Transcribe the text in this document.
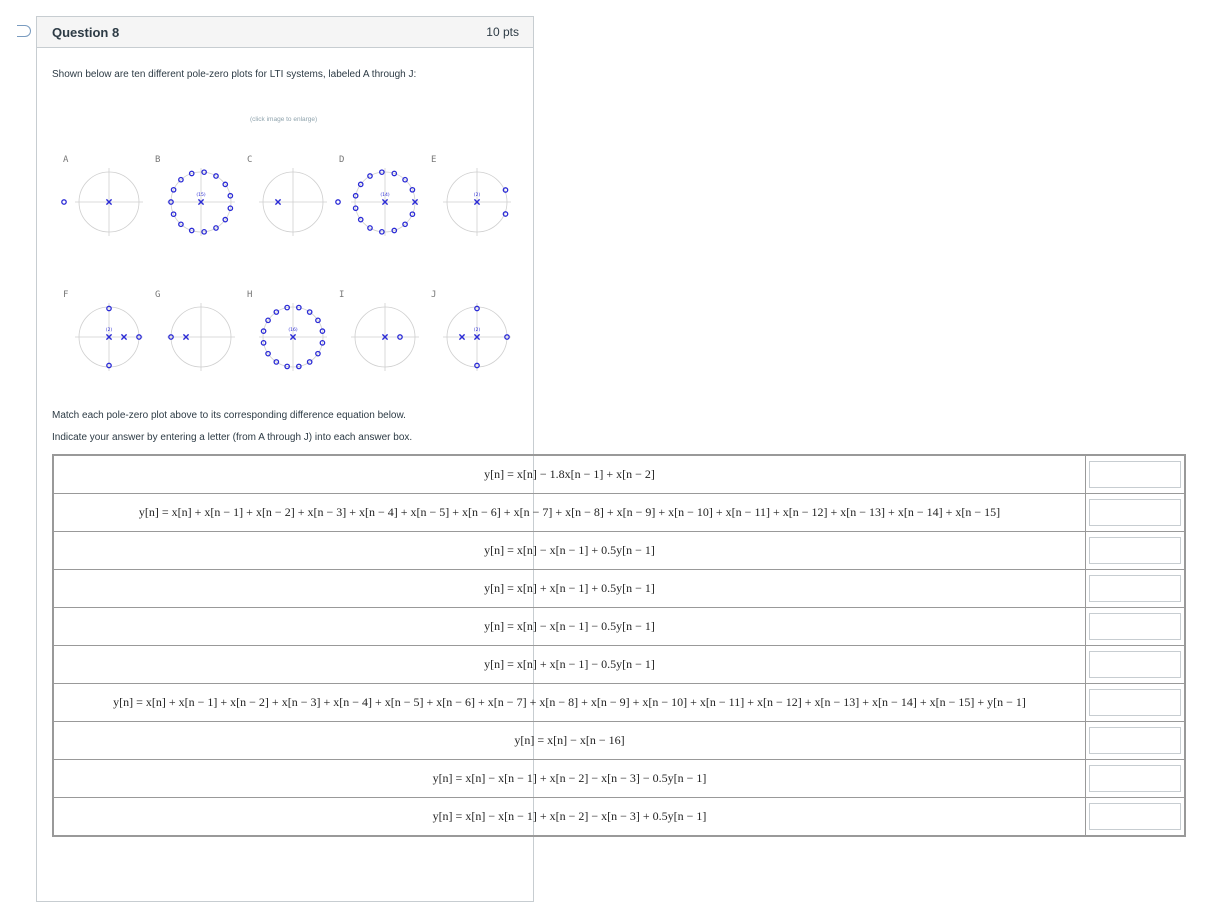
Question 8	10 pts
Shown below are ten different pole-zero plots for LTI systems, labeled A through J:
(click image to enlarge)
A	B
(15)
C	D
(14)
E
(2)
F
(2)
G	H
(16)
I	J
(2)
Match each pole-zero plot above to its corresponding difference equation below.
Indicate your answer by entering a letter (from A through J) into each answer box.
y[n] = x[n] − 1.8x[n − 1] + x[n − 2]	

y[n] = x[n] + x[n − 1] + x[n − 2] + x[n − 3] + x[n − 4] + x[n − 5] + x[n − 6] + x[n − 7] + x[n − 8] + x[n − 9] + x[n − 10] + x[n − 11] + x[n − 12] + x[n − 13] + x[n − 14] + x[n − 15]	

y[n] = x[n] − x[n − 1] + 0.5y[n − 1]	

y[n] = x[n] + x[n − 1] + 0.5y[n − 1]	

y[n] = x[n] − x[n − 1] − 0.5y[n − 1]	

y[n] = x[n] + x[n − 1] − 0.5y[n − 1]	

y[n] = x[n] + x[n − 1] + x[n − 2] + x[n − 3] + x[n − 4] + x[n − 5] + x[n − 6] + x[n − 7] + x[n − 8] + x[n − 9] + x[n − 10] + x[n − 11] + x[n − 12] + x[n − 13] + x[n − 14] + x[n − 15] + y[n − 1]	

y[n] = x[n] − x[n − 16]	

y[n] = x[n] − x[n − 1] + x[n − 2] − x[n − 3] − 0.5y[n − 1]	

y[n] = x[n] − x[n − 1] + x[n − 2] − x[n − 3] + 0.5y[n − 1]	
